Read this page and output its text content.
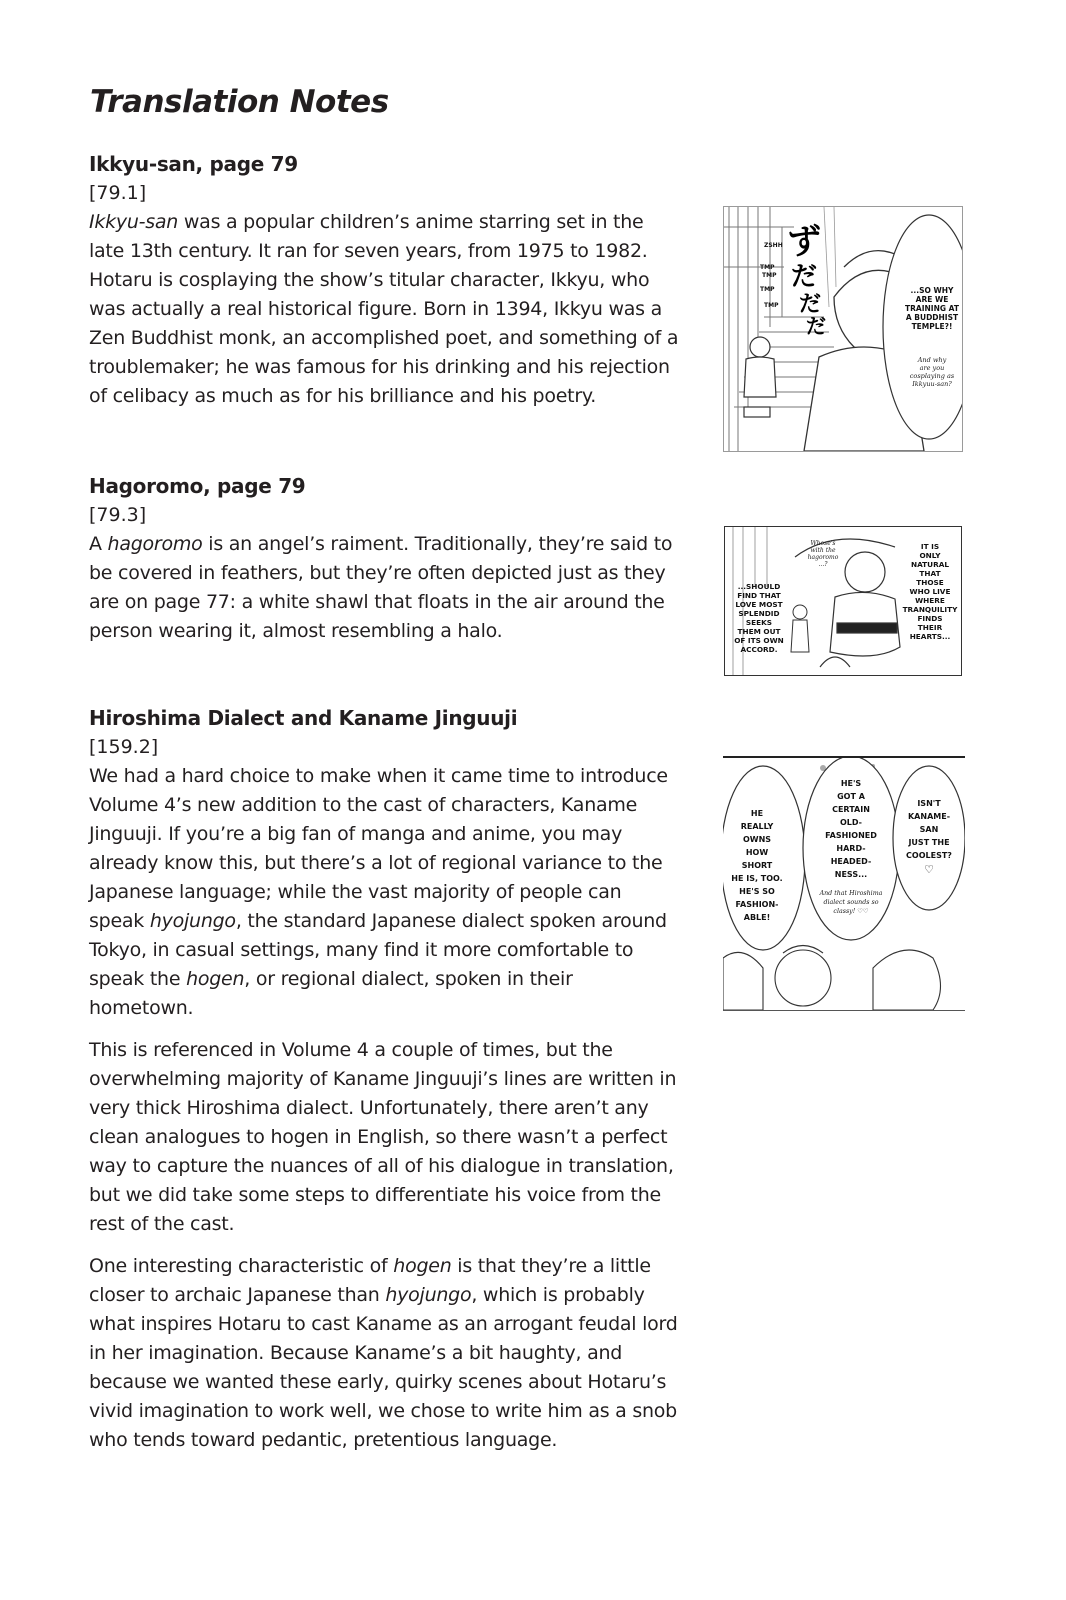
Translation Notes

Ikkyu-san, page 79

[79.1]

Ikkyu-san was a popular children’s anime starring set in the late 13th century. It ran for seven years, from 1975 to 1982. Hotaru is cosplaying the show’s titular character, Ikkyu, who was actually a real historical figure. Born in 1394, Ikkyu was a Zen Buddhist monk, an accomplished poet, and something of a troublemaker; he was famous for his drinking and his rejection of celibacy as much as for his brilliance and his poetry.

Hagoromo, page 79

[79.3]

A hagoromo is an angel’s raiment. Traditionally, they’re said to be covered in feathers, but they’re often depicted just as they are on page 77: a white shawl that floats in the air around the person wearing it, almost resembling a halo.

Hiroshima Dialect and Kaname Jinguuji

[159.2]

We had a hard choice to make when it came time to introduce Volume 4’s new addition to the cast of characters, Kaname Jinguuji. If you’re a big fan of manga and anime, you may already know this, but there’s a lot of regional variance to the Japanese language; while the vast majority of people can speak hyojungo, the standard Japanese dialect spoken around Tokyo, in casual settings, many find it more comfortable to speak the hogen, or regional dialect, spoken in their hometown.

This is referenced in Volume 4 a couple of times, but the overwhelming majority of Kaname Jinguuji’s lines are written in very thick Hiroshima dialect. Unfortunately, there aren’t any clean analogues to hogen in English, so there wasn’t a perfect way to capture the nuances of all of his dialogue in translation, but we did take some steps to differentiate his voice from the rest of the cast.

One interesting characteristic of hogen is that they’re a little closer to archaic Japanese than hyojungo, which is probably what inspires Hotaru to cast Kaname as an arrogant feudal lord in her imagination. Because Kaname’s a bit haughty, and because we wanted these early, quirky scenes about Hotaru’s vivid imagination to work well, we chose to write him as a snob who tends toward pedantic, pretentious language.

ZSHH
TMP
TMP
TMP
TMP
ず
だ
だ
だ
...SO WHY
ARE WE
TRAINING AT
A BUDDHIST
TEMPLE?!
And why
are you
cosplaying as
Ikkyuu-san?
Whose's
with the
hagoromo
...?
...SHOULD
FIND THAT
LOVE MOST
SPLENDID
SEEKS
THEM OUT
OF ITS OWN
ACCORD.
IT IS
ONLY
NATURAL
THAT
THOSE
WHO LIVE
WHERE
TRANQUILITY
FINDS
THEIR
HEARTS...
HE
REALLY
OWNS
HOW
SHORT
HE IS, TOO.
HE'S SO
FASHION-
ABLE!
HE'S
GOT A
CERTAIN
OLD-
FASHIONED
HARD-
HEADED-
NESS...
And that Hiroshima
dialect sounds so
classy! ♡♡
ISN'T
KANAME-
SAN
JUST THE
COOLEST?
♡
